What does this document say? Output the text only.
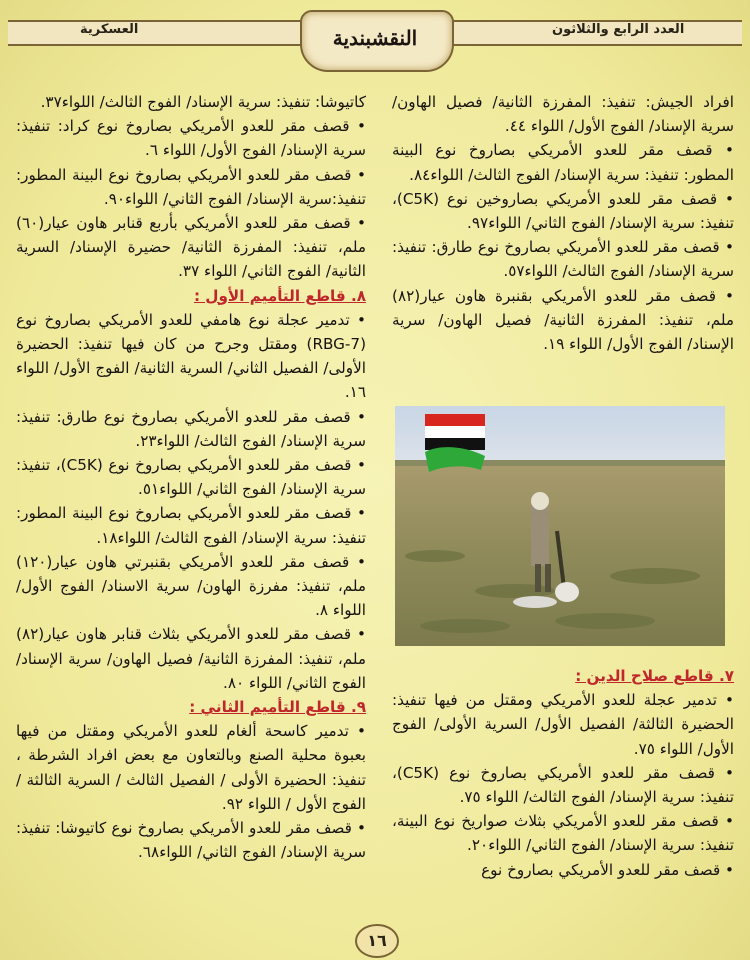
العسكرية	العدد الرابع والثلاثون
النقشبندية

افراد الجيش: تنفيذ: المفرزة الثانية/ فصيل الهاون/ سرية الإسناد/ الفوج الأول/ اللواء ٤٤.

• قصف مقر للعدو الأمريكي بصاروخ نوع البينة المطور: تنفيذ: سرية الإسناد/ الفوج الثالث/ اللواء٨٤.

• قصف مقر للعدو الأمريكي بصاروخين نوع (C5K)، تنفيذ: سرية الإسناد/ الفوج الثاني/ اللواء٩٧.

• قصف مقر للعدو الأمريكي بصاروخ نوع طارق: تنفيذ: سرية الإسناد/ الفوج الثالث/ اللواء٥٧.

• قصف مقر للعدو الأمريكي بقنبرة هاون عيار(٨٢) ملم، تنفيذ: المفرزة الثانية/ فصيل الهاون/ سرية الإسناد/ الفوج الأول/ اللواء ١٩.

٧. قاطع صلاح الدين :

• تدمير عجلة للعدو الأمريكي ومقتل من فيها تنفيذ: الحضيرة الثالثة/ الفصيل الأول/ السرية الأولى/ الفوج الأول/ اللواء ٧٥.

• قصف مقر للعدو الأمريكي بصاروخ نوع (C5K)، تنفيذ: سرية الإسناد/ الفوج الثالث/ اللواء ٧٥.

• قصف مقر للعدو الأمريكي بثلاث صواريخ نوع البينة، تنفيذ: سرية الإسناد/ الفوج الثاني/ اللواء٢٠.

• قصف مقر للعدو الأمريكي بصاروخ نوع

كاتيوشا: تنفيذ: سرية الإسناد/ الفوج الثالث/ اللواء٣٧.

• قصف مقر للعدو الأمريكي بصاروخ نوع كراد: تنفيذ: سرية الإسناد/ الفوج الأول/ اللواء ٦.

• قصف مقر للعدو الأمريكي بصاروخ نوع البينة المطور: تنفيذ:سرية الإسناد/ الفوج الثاني/ اللواء٩٠.

• قصف مقر للعدو الأمريكي بأربع قنابر هاون عيار(٦٠) ملم، تنفيذ: المفرزة الثانية/ حضيرة الإسناد/ السرية الثانية/ الفوج الثاني/ اللواء ٣٧.

٨. قاطع التأميم الأول :

• تدمير عجلة نوع هامفي للعدو الأمريكي بصاروخ نوع (RBG-7) ومقتل وجرح من كان فيها تنفيذ: الحضيرة الأولى/ الفصيل الثاني/ السرية الثانية/ الفوج الأول/ اللواء ١٦.

• قصف مقر للعدو الأمريكي بصاروخ نوع طارق: تنفيذ: سرية الإسناد/ الفوج الثالث/ اللواء٢٣.

• قصف مقر للعدو الأمريكي بصاروخ نوع (C5K)، تنفيذ: سرية الإسناد/ الفوج الثاني/ اللواء٥١.

• قصف مقر للعدو الأمريكي بصاروخ نوع البينة المطور: تنفيذ: سرية الإسناد/ الفوج الثالث/ اللواء١٨.

• قصف مقر للعدو الأمريكي بقنبرتي هاون عيار(١٢٠) ملم، تنفيذ: مفرزة الهاون/ سرية الاسناد/ الفوج الأول/ اللواء ٨.

• قصف مقر للعدو الأمريكي بثلاث قنابر هاون عيار(٨٢) ملم، تنفيذ: المفرزة الثانية/ فصيل الهاون/ سرية الإسناد/ الفوج الثاني/ اللواء ٨٠.

٩. قاطع التأميم الثاني :

• تدمير كاسحة ألغام للعدو الأمريكي ومقتل من فيها بعبوة محلية الصنع وبالتعاون مع بعض افراد الشرطة ، تنفيذ: الحضيرة الأولى / الفصيل الثالث / السرية الثالثة / الفوج الأول / اللواء ٩٢.

• قصف مقر للعدو الأمريكي بصاروخ نوع كاتيوشا: تنفيذ: سرية الإسناد/ الفوج الثاني/ اللواء٦٨.

١٦
